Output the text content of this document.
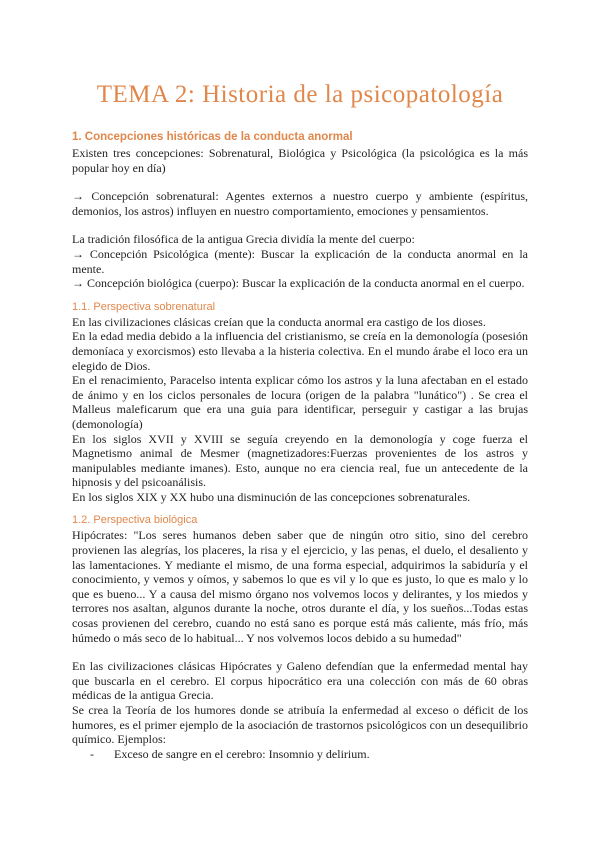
TEMA 2: Historia de la psicopatología
1. Concepciones históricas de la conducta anormal

Existen tres concepciones: Sobrenatural, Biológica y Psicológica (la psicológica es la más popular hoy en día)

→ Concepción sobrenatural: Agentes externos a nuestro cuerpo y ambiente (espíritus, demonios, los astros) influyen en nuestro comportamiento, emociones y pensamientos.

La tradición filosófica de la antigua Grecia dividía la mente del cuerpo:

→ Concepción Psicológica (mente): Buscar la explicación de la conducta anormal en la mente.

→ Concepción biológica (cuerpo): Buscar la explicación de la conducta anormal en el cuerpo.

1.1. Perspectiva sobrenatural

En las civilizaciones clásicas creían que la conducta anormal era castigo de los dioses.

En la edad media debido a la influencia del cristianismo, se creía en la demonología (posesión demoníaca y exorcismos) esto llevaba a la histeria colectiva. En el mundo árabe el loco era un elegido de Dios.

En el renacimiento, Paracelso intenta explicar cómo los astros y la luna afectaban en el estado de ánimo y en los ciclos personales de locura (origen de la palabra "lunático") . Se crea el Malleus maleficarum que era una guia para identificar, perseguir y castigar a las brujas (demonología)

En los siglos XVII y XVIII se seguía creyendo en la demonología y coge fuerza el Magnetismo animal de Mesmer (magnetizadores:Fuerzas provenientes de los astros y manipulables mediante imanes). Esto, aunque no era ciencia real, fue un antecedente de la hipnosis y del psicoanálisis.

En los siglos XIX y XX hubo una disminución de las concepciones sobrenaturales.

1.2. Perspectiva biológica

Hipócrates: "Los seres humanos deben saber que de ningún otro sitio, sino del cerebro provienen las alegrías, los placeres, la risa y el ejercicio, y las penas, el duelo, el desaliento y las lamentaciones. Y mediante el mismo, de una forma especial, adquirimos la sabiduría y el conocimiento, y vemos y oímos, y sabemos lo que es vil y lo que es justo, lo que es malo y lo que es bueno... Y a causa del mismo órgano nos volvemos locos y delirantes, y los miedos y terrores nos asaltan, algunos durante la noche, otros durante el día, y los sueños...Todas estas cosas provienen del cerebro, cuando no está sano es porque está más caliente, más frío, más húmedo o más seco de lo habitual... Y nos volvemos locos debido a su humedad"

En las civilizaciones clásicas Hipócrates y Galeno defendían que la enfermedad mental hay que buscarla en el cerebro. El corpus hipocrático era una colección con más de 60 obras médicas de la antigua Grecia.

Se crea la Teoría de los humores donde se atribuía la enfermedad al exceso o déficit de los humores, es el primer ejemplo de la asociación de trastornos psicológicos con un desequilibrio químico. Ejemplos:

- Exceso de sangre en el cerebro: Insomnio y delirium.
